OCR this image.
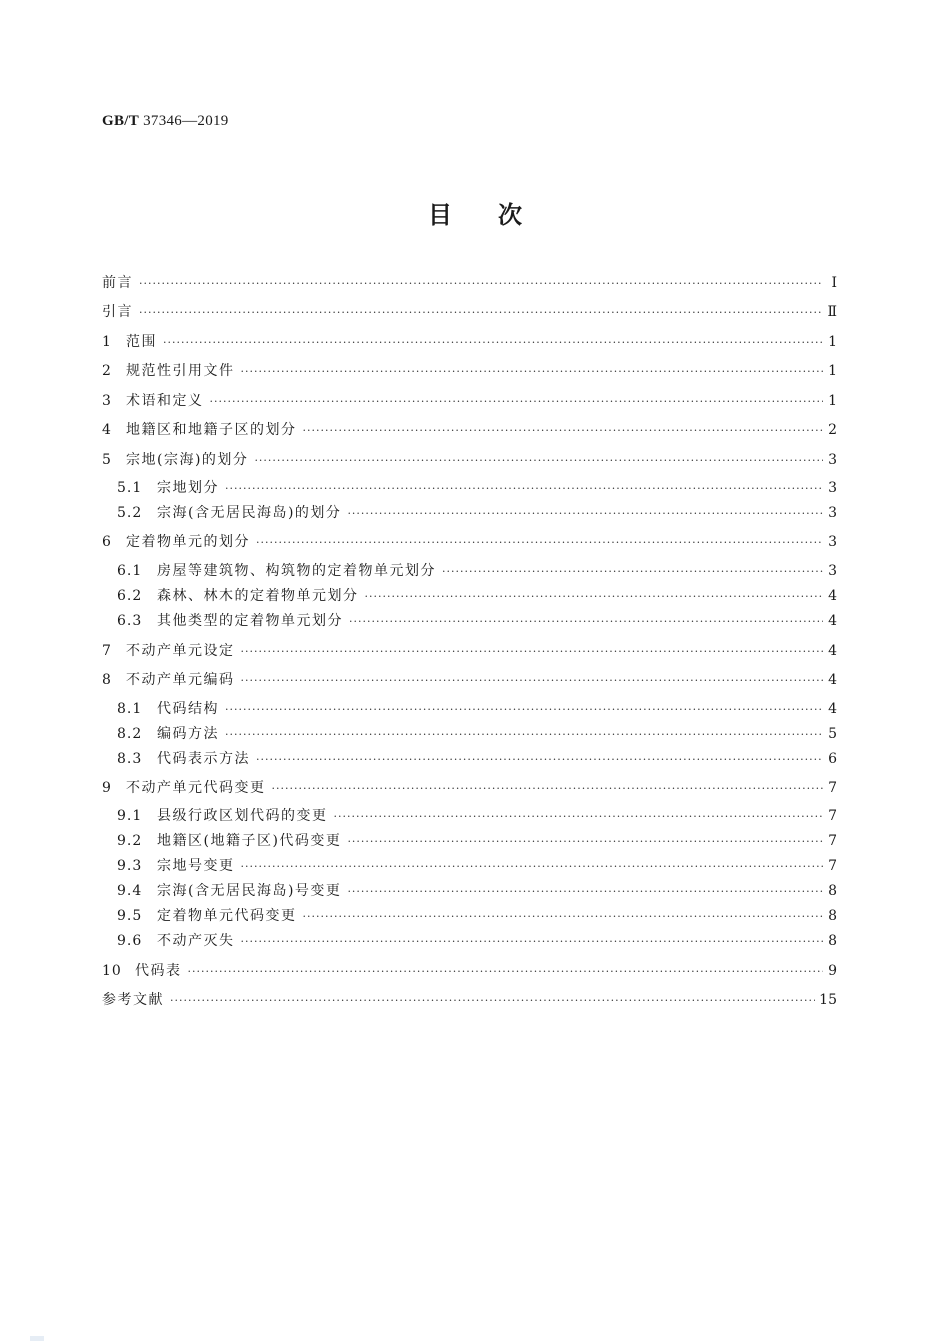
GB/T 37346—2019
目次
前言 ·····	Ⅰ
引言 ·····	Ⅱ
1	范围 ·····	1
2	规范性引用文件 ·····	1
3	术语和定义 ·····	1
4	地籍区和地籍子区的划分 ·····	2
5	宗地(宗海)的划分 ·····	3
5.1	宗地划分 ·····	3
5.2	宗海(含无居民海岛)的划分 ·····	3
6	定着物单元的划分 ·····	3
6.1	房屋等建筑物、构筑物的定着物单元划分 ·····	3
6.2	森林、林木的定着物单元划分 ·····	4
6.3	其他类型的定着物单元划分 ·····	4
7	不动产单元设定 ·····	4
8	不动产单元编码 ·····	4
8.1	代码结构 ·····	4
8.2	编码方法 ·····	5
8.3	代码表示方法 ·····	6
9	不动产单元代码变更 ·····	7
9.1	县级行政区划代码的变更 ·····	7
9.2	地籍区(地籍子区)代码变更 ·····	7
9.3	宗地号变更 ·····	7
9.4	宗海(含无居民海岛)号变更 ·····	8
9.5	定着物单元代码变更 ·····	8
9.6	不动产灭失 ·····	8
10 代码表 ·····	9
参考文献 ·····	15
